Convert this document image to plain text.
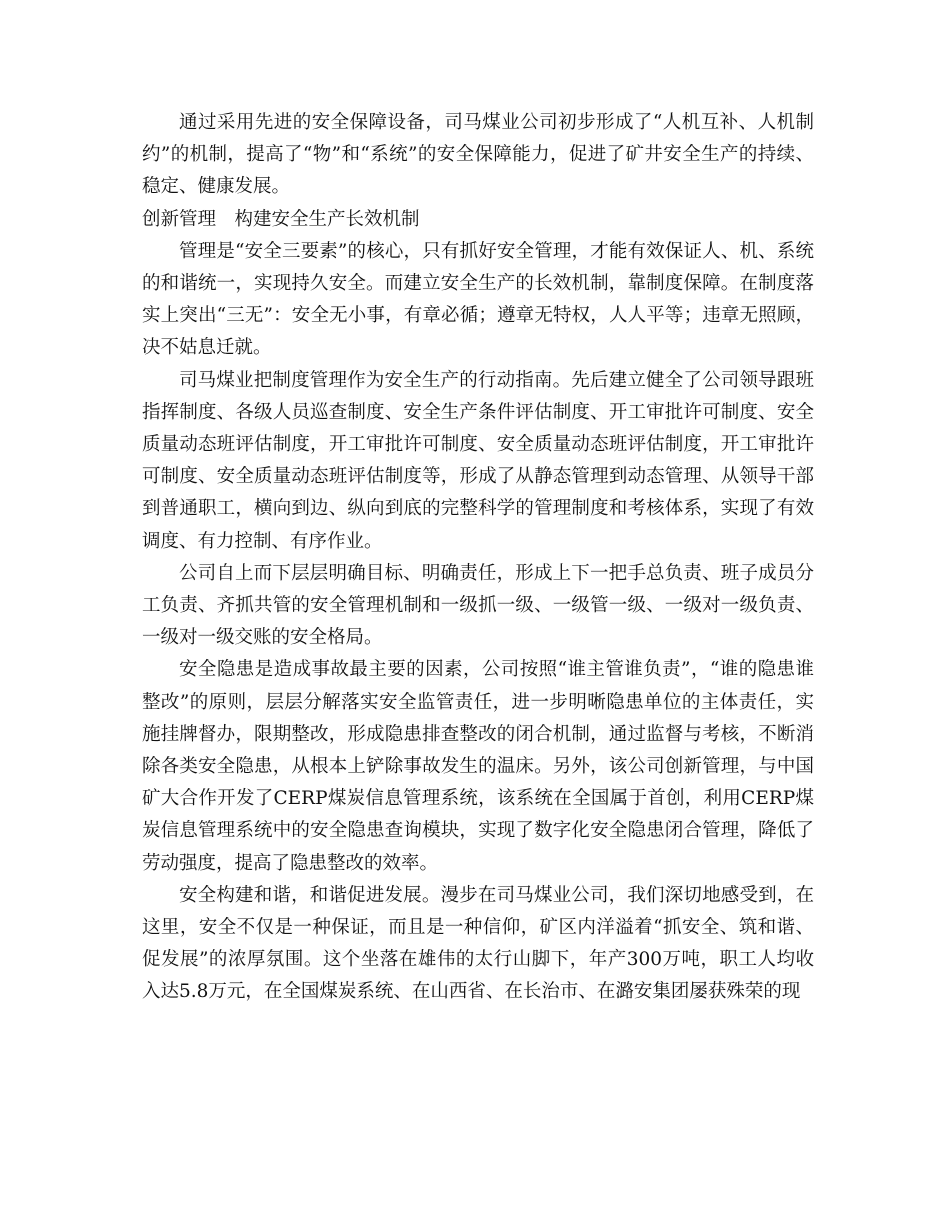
通过采用先进的安全保障设备，司马煤业公司初步形成了“人机互补、人机制约”的机制，提高了“物”和“系统”的安全保障能力，促进了矿井安全生产的持续、稳定、健康发展。

创新管理　构建安全生产长效机制

管理是“安全三要素”的核心，只有抓好安全管理，才能有效保证人、机、系统的和谐统一，实现持久安全。而建立安全生产的长效机制，靠制度保障。在制度落实上突出“三无”：安全无小事，有章必循；遵章无特权，人人平等；违章无照顾，决不姑息迁就。

司马煤业把制度管理作为安全生产的行动指南。先后建立健全了公司领导跟班指挥制度、各级人员巡查制度、安全生产条件评估制度、开工审批许可制度、安全质量动态班评估制度，开工审批许可制度、安全质量动态班评估制度，开工审批许可制度、安全质量动态班评估制度等，形成了从静态管理到动态管理、从领导干部到普通职工，横向到边、纵向到底的完整科学的管理制度和考核体系，实现了有效调度、有力控制、有序作业。

公司自上而下层层明确目标、明确责任，形成上下一把手总负责、班子成员分工负责、齐抓共管的安全管理机制和一级抓一级、一级管一级、一级对一级负责、一级对一级交账的安全格局。

安全隐患是造成事故最主要的因素，公司按照“谁主管谁负责”，“谁的隐患谁整改”的原则，层层分解落实安全监管责任，进一步明晰隐患单位的主体责任，实施挂牌督办，限期整改，形成隐患排查整改的闭合机制，通过监督与考核，不断消除各类安全隐患，从根本上铲除事故发生的温床。另外，该公司创新管理，与中国矿大合作开发了CERP煤炭信息管理系统，该系统在全国属于首创，利用CERP煤炭信息管理系统中的安全隐患查询模块，实现了数字化安全隐患闭合管理，降低了劳动强度，提高了隐患整改的效率。

安全构建和谐，和谐促进发展。漫步在司马煤业公司，我们深切地感受到，在这里，安全不仅是一种保证，而且是一种信仰，矿区内洋溢着“抓安全、筑和谐、促发展”的浓厚氛围。这个坐落在雄伟的太行山脚下，年产300万吨，职工人均收入达5.8万元，在全国煤炭系统、在山西省、在长治市、在潞安集团屡获殊荣的现
